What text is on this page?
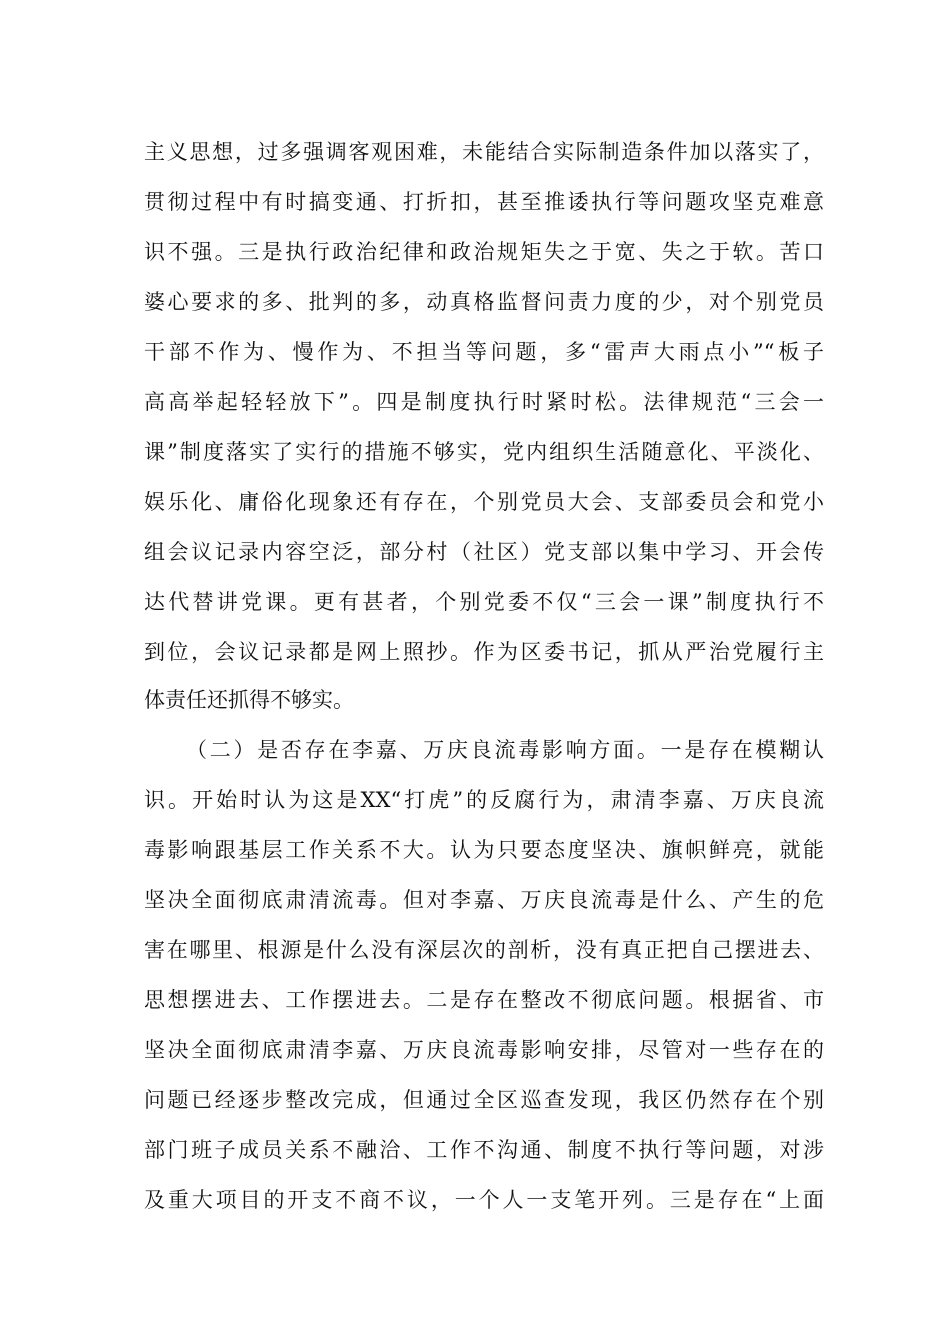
主义思想，过多强调客观困难，未能结合实际制造条件加以落实了，
贯彻过程中有时搞变通、打折扣，甚至推诿执行等问题攻坚克难意
识不强。三是执行政治纪律和政治规矩失之于宽、失之于软。苦口
婆心要求的多、批判的多，动真格监督问责力度的少，对个别党员
干部不作为、慢作为、不担当等问题，多“雷声大雨点小”“板子
高高举起轻轻放下”。四是制度执行时紧时松。法律规范“三会一
课”制度落实了实行的措施不够实，党内组织生活随意化、平淡化、
娱乐化、庸俗化现象还有存在，个别党员大会、支部委员会和党小
组会议记录内容空泛，部分村（社区）党支部以集中学习、开会传
达代替讲党课。更有甚者，个别党委不仅“三会一课”制度执行不
到位，会议记录都是网上照抄。作为区委书记，抓从严治党履行主
体责任还抓得不够实。
（二）是否存在李嘉、万庆良流毒影响方面。一是存在模糊认
识。开始时认为这是XX“打虎”的反腐行为，肃清李嘉、万庆良流
毒影响跟基层工作关系不大。认为只要态度坚决、旗帜鲜亮，就能
坚决全面彻底肃清流毒。但对李嘉、万庆良流毒是什么、产生的危
害在哪里、根源是什么没有深层次的剖析，没有真正把自己摆进去、
思想摆进去、工作摆进去。二是存在整改不彻底问题。根据省、市
坚决全面彻底肃清李嘉、万庆良流毒影响安排，尽管对一些存在的
问题已经逐步整改完成，但通过全区巡查发现，我区仍然存在个别
部门班子成员关系不融洽、工作不沟通、制度不执行等问题，对涉
及重大项目的开支不商不议，一个人一支笔开列。三是存在“上面
